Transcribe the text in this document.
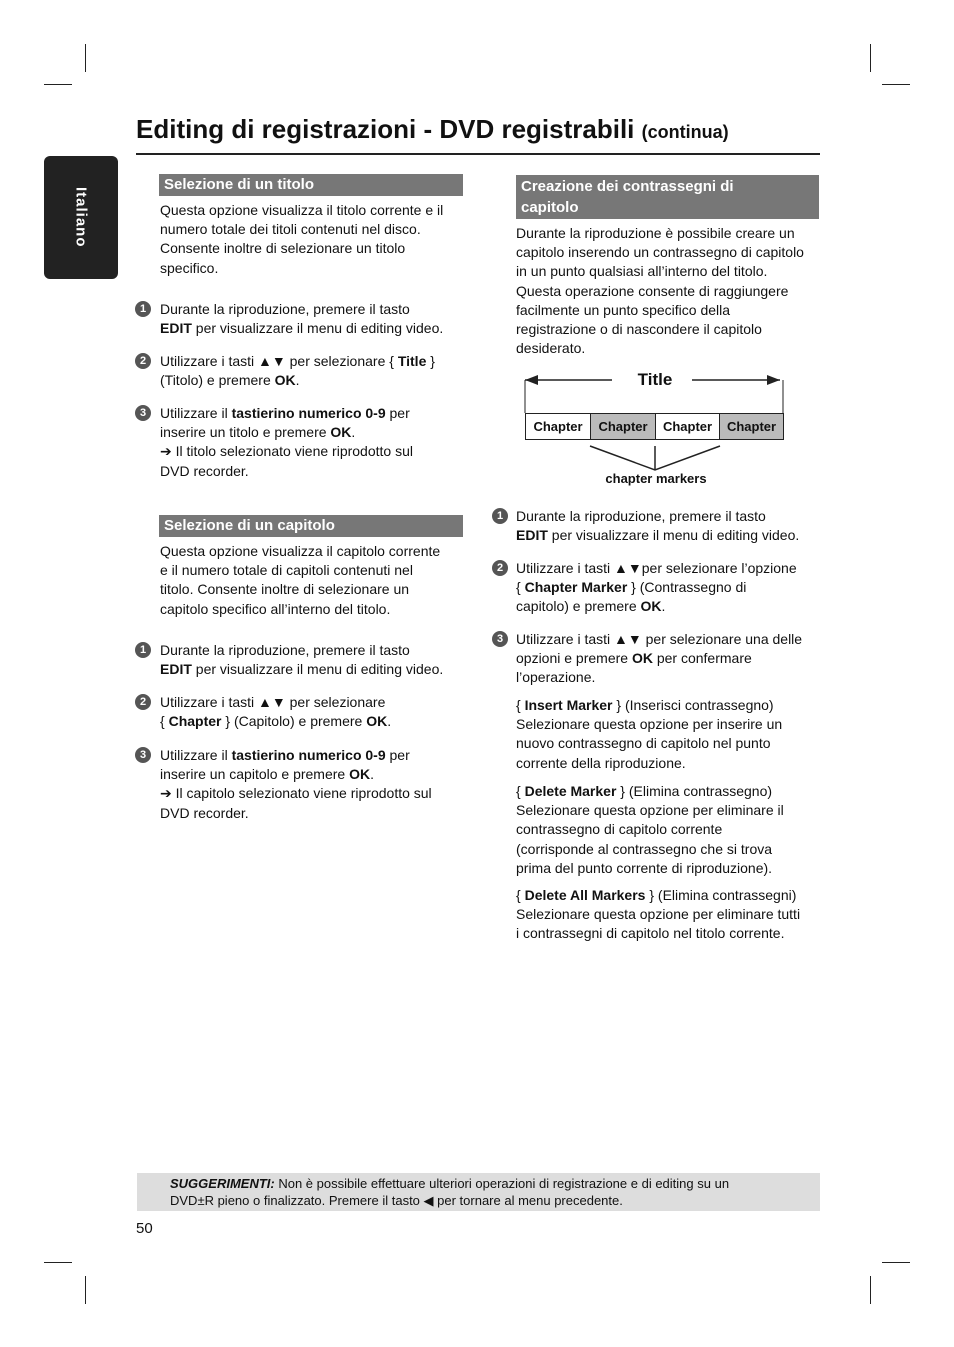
Italiano
Editing di registrazioni - DVD registrabili (continua)
Selezione di un titolo
Questa opzione visualizza il titolo corrente e il
numero totale dei titoli contenuti nel disco.
Consente inoltre di selezionare un titolo
specifico.
1 Durante la riproduzione, premere il tasto
EDIT per visualizzare il menu di editing video.
2 Utilizzare i tasti ▲▼ per selezionare { Title }
(Titolo) e premere OK.
3 Utilizzare il tastierino numerico 0-9 per
inserire un titolo e premere OK.
➔ Il titolo selezionato viene riprodotto sul
DVD recorder.
Selezione di un capitolo
Questa opzione visualizza il capitolo corrente
e il numero totale di capitoli contenuti nel
titolo. Consente inoltre di selezionare un
capitolo specifico all’interno del titolo.
1 Durante la riproduzione, premere il tasto
EDIT per visualizzare il menu di editing video.
2 Utilizzare i tasti ▲▼ per selezionare
{ Chapter } (Capitolo) e premere OK.
3 Utilizzare il tastierino numerico 0-9 per
inserire un capitolo e premere OK.
➔ Il capitolo selezionato viene riprodotto sul
DVD recorder.
Creazione dei contrassegni di
capitolo
Durante la riproduzione è possibile creare un
capitolo inserendo un contrassegno di capitolo
in un punto qualsiasi all’interno del titolo.
Questa operazione consente di raggiungere
facilmente un punto specifico della
registrazione o di nascondere il capitolo
desiderato.
Title
Chapter	Chapter	Chapter	Chapter
chapter markers
1 Durante la riproduzione, premere il tasto
EDIT per visualizzare il menu di editing video.
2 Utilizzare i tasti ▲▼per selezionare l’opzione
{ Chapter Marker } (Contrassegno di
capitolo) e premere OK.
3 Utilizzare i tasti ▲▼ per selezionare una delle
opzioni e premere OK per confermare
l’operazione.
{ Insert Marker } (Inserisci contrassegno)
Selezionare questa opzione per inserire un
nuovo contrassegno di capitolo nel punto
corrente della riproduzione.
{ Delete Marker } (Elimina contrassegno)
Selezionare questa opzione per eliminare il
contrassegno di capitolo corrente
(corrisponde al contrassegno che si trova
prima del punto corrente di riproduzione).
{ Delete All Markers } (Elimina contrassegni)
Selezionare questa opzione per eliminare tutti
i contrassegni di capitolo nel titolo corrente.
SUGGERIMENTI: Non è possibile effettuare ulteriori operazioni di registrazione e di editing su un
DVD±R pieno o finalizzato. Premere il tasto ◀ per tornare al menu precedente.
50
